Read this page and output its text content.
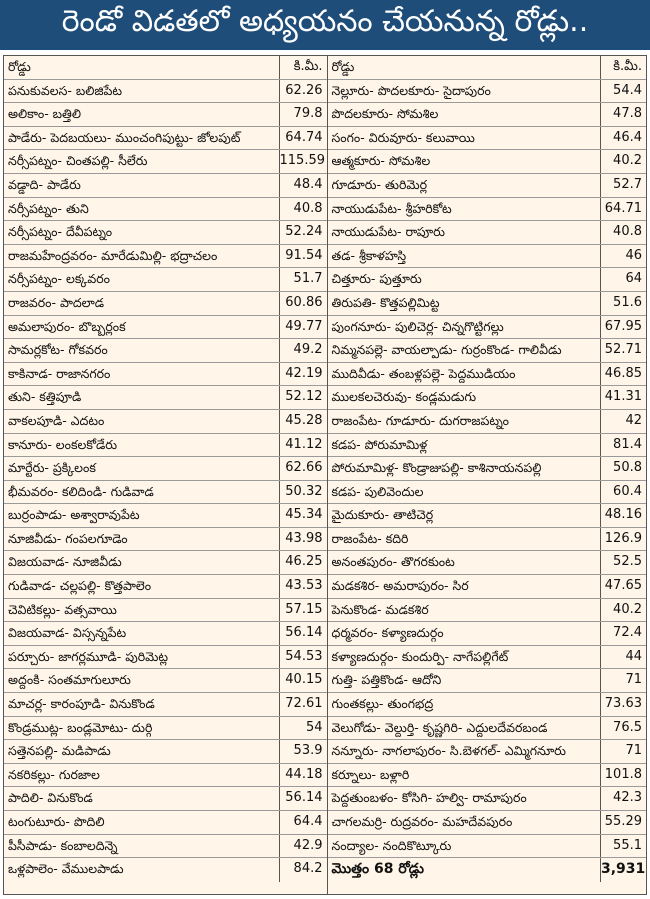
రెండో విడతలో అధ్యయనం చేయనున్న రోడ్లు..
రోడ్డు	కి.మీ.
పనుకువలస- బలిజిపేట	62.26
అలికాం- బత్తిలి	79.8
పాడేరు- పెదబయలు- ముంచంగిపుట్టు- జోలపుట్	64.74
నర్సీపట్నం- చింతపల్లి- సీలేరు	115.59
వడ్డాది- పాడేరు	48.4
నర్సీపట్నం- తుని	40.8
నర్సీపట్నం- దేవీపట్నం	52.24
రాజమహేంద్రవరం- మారేడుమిల్లి- భద్రాచలం	91.54
నర్సీపట్నం- లక్కవరం	51.7
రాజవరం- పాదలాడ	60.86
అమలాపురం- బొబ్బర్లంక	49.77
సామర్లకోట- గోకవరం	49.2
కాకినాడ- రాజానగరం	42.19
తుని- కత్తిపూడి	52.12
వాకలపూడి- ఎదటం	45.28
కానూరు- లంకలకోడేరు	41.12
మార్టేరు- ప్రక్కిలంక	62.66
భీమవరం- కలిదిండి- గుడివాడ	50.32
బుర్రంపాడు- అశ్వారావుపేట	45.34
నూజివీడు- గంపలగూడెం	43.98
విజయవాడ- నూజివీడు	46.25
గుడివాడ- చల్లపల్లి- కొత్తపాలెం	43.53
చెవిటికల్లు- వత్సవాయి	57.15
విజయవాడ- విస్సన్నపేట	56.14
పర్చూరు- జాగర్లమూడి- పురిమెట్ల	54.53
అద్దంకి- సంతమాగులూరు	40.15
మాచర్ల- కారంపూడి- వినుకొండ	72.61
కొండ్రముట్ల- బండ్లమోటు- దుర్గి	54
సత్తెనపల్లి- మడిపాడు	53.9
నకరికల్లు- గురజాల	44.18
పాదిలి- వినుకొండ	56.14
టంగుటూరు- పొదిలి	64.4
పీసీపాడు- కంబాలదిన్నె	42.9
ఒళ్లపాలెం- వేములపాడు	84.2
రోడ్డు	కి.మీ.
నెల్లూరు- పొదలకూరు- సైదాపురం	54.4
పొదలకూరు- సోమశిల	47.8
సంగం- విరువూరు- కలువాయి	46.4
ఆత్మకూరు- సోమశిల	40.2
గూడూరు- తురిమెర్ల	52.7
నాయుడుపేట- శ్రీహరికోట	64.71
నాయుడుపేట- రాపూరు	40.8
తడ- శ్రీకాళహస్తి	46
చిత్తూరు- పుత్తూరు	64
తిరుపతి- కొత్తపల్లిమిట్ట	51.6
పుంగనూరు- పులిచెర్ల- చిన్నగొట్టిగల్లు	67.95
నిమ్మనపల్లె- వాయల్పాడు- గుర్రంకొండ- గాలివీడు	52.71
ముదివీడు- తంబళ్లపల్లె- పెద్దముడియం	46.85
ములకలచెరువు- కండ్లమడుగు	41.31
రాజంపేట- గూడూరు- దుగరాజపట్నం	42
కడప- పోరుమామిళ్ల	81.4
పోరుమామిళ్ల- కొండ్రాజుపల్లి- కాశినాయనపల్లి	50.8
కడప- పులివెందుల	60.4
మైదుకూరు- తాటిచెర్ల	48.16
రాజంపేట- కదిరి	126.9
అనంతపురం- తొగరకుంట	52.5
మడకశిర- అమరాపురం- సిర	47.65
పెనుకొండ- మడకశిర	40.2
ధర్మవరం- కళ్యాణదుర్గం	72.4
కళ్యాణదుర్గం- కుందుర్పి- నాగేపల్లిగేట్	44
గుత్తి- పత్తికొండ- ఆదోని	71
గుంతకల్లు- తుంగభద్ర	73.63
వెలుగోడు- వెల్దుర్తి- కృష్ణగిరి- ఎద్దులదేవరబండ	76.5
నన్నూరు- నాగలాపురం- సి.బెళగల్- ఎమ్మిగనూరు	71
కర్నూలు- బళ్లారి	101.8
పెద్దతుంబళం- కోసిగి- హల్వి- రామాపురం	42.3
చాగలమర్రి- రుద్రవరం- మహదేవపురం	55.29
నంద్యాల- నందికొట్కూరు	55.1
మొత్తం 68 రోడ్లు	3,931
